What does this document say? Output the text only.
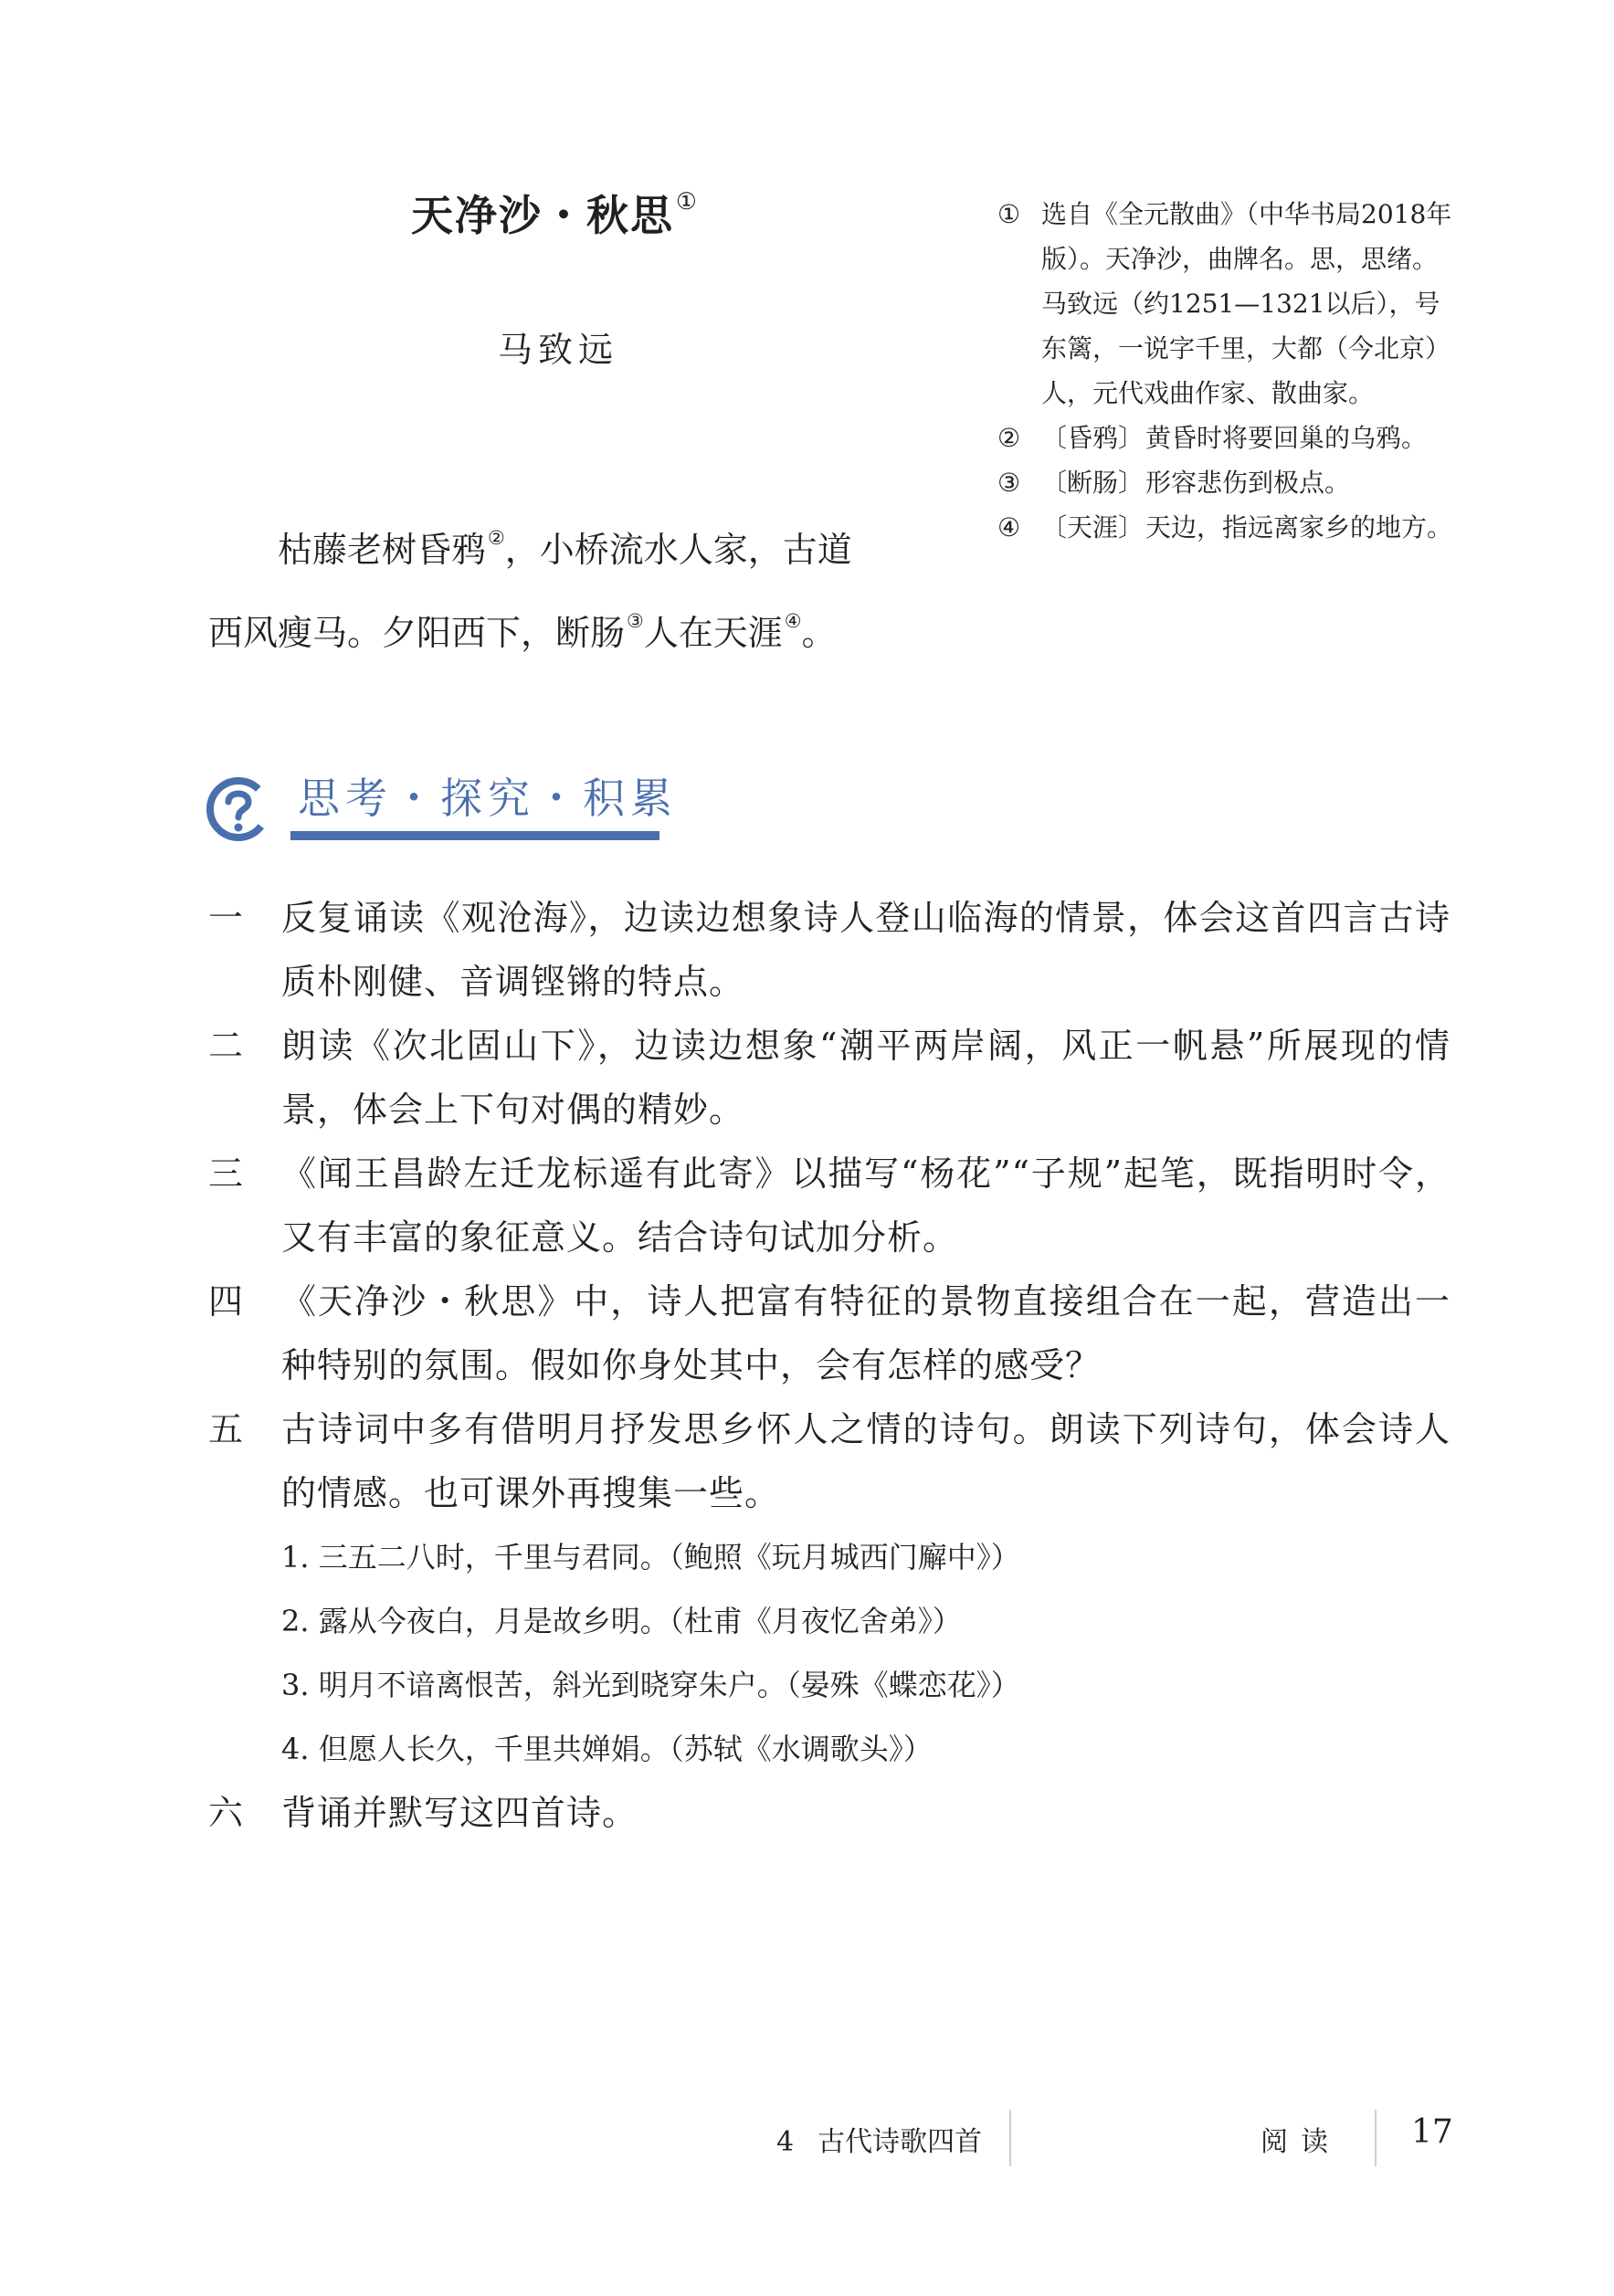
天净沙・秋思①
马致远
枯藤老树昏鸦②，小桥流水人家，古道
西风瘦马。夕阳西下，断肠③人在天涯④。
① 选自《全元散曲》（中华书局2018年版）。天净沙，曲牌名。思，思绪。马致远（约1251—1321以后），号东篱，一说字千里，大都（今北京）人，元代戏曲作家、散曲家。
② 〔昏鸦〕黄昏时将要回巢的乌鸦。
③ 〔断肠〕形容悲伤到极点。
④ 〔天涯〕天边，指远离家乡的地方。
思考・探究・积累
一 反复诵读《观沧海》，边读边想象诗人登山临海的情景，体会这首四言古诗质朴刚健、音调铿锵的特点。
二 朗读《次北固山下》，边读边想象“潮平两岸阔，风正一帆悬”所展现的情景，体会上下句对偶的精妙。
三 《闻王昌龄左迁龙标遥有此寄》以描写“杨花”“子规”起笔，既指明时令，又有丰富的象征意义。结合诗句试加分析。
四 《天净沙・秋思》中，诗人把富有特征的景物直接组合在一起，营造出一种特别的氛围。假如你身处其中，会有怎样的感受？
五 古诗词中多有借明月抒发思乡怀人之情的诗句。朗读下列诗句，体会诗人的情感。也可课外再搜集一些。
1. 三五二八时，千里与君同。（鲍照《玩月城西门廨中》）
2. 露从今夜白，月是故乡明。（杜甫《月夜忆舍弟》）
3. 明月不谙离恨苦，斜光到晓穿朱户。（晏殊《蝶恋花》）
4. 但愿人长久，千里共婵娟。（苏轼《水调歌头》）
六 背诵并默写这四首诗。
4 古代诗歌四首	阅读 17
